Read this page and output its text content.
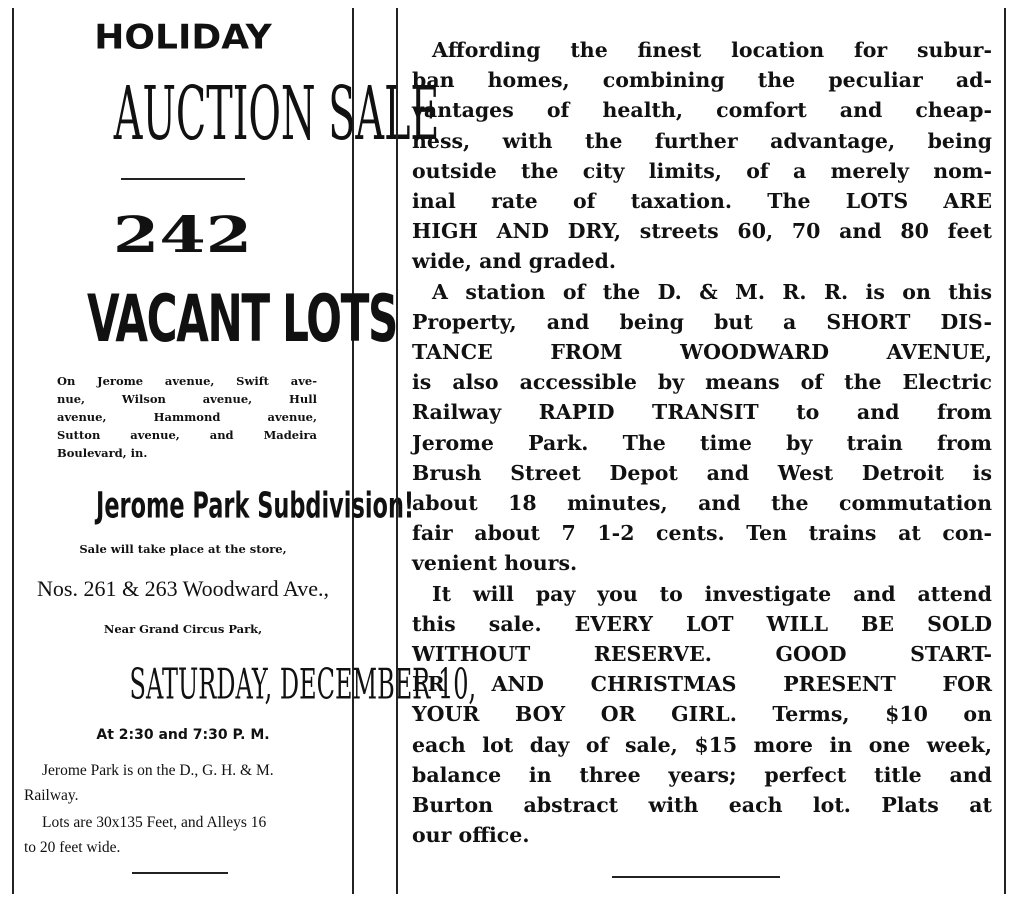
HOLIDAY
AUCTION SALE
242
VACANT LOTS
On Jerome avenue, Swift ave-
nue, Wilson avenue, Hull
avenue, Hammond avenue,
Sutton avenue, and Madeira
Boulevard, in.
Jerome Park Subdivision!
Sale will take place at the store,
Nos. 261 & 263 Woodward Ave.,
Near Grand Circus Park,
SATURDAY, DECEMBER 10,
At 2:30 and 7:30 P. M.
Jerome Park is on the D., G. H. & M.
Railway.
Lots are 30x135 Feet, and Alleys 16
to 20 feet wide.
Affording the finest location for subur-
ban homes, combining the peculiar ad-
vantages of health, comfort and cheap-
ness, with the further advantage, being
outside the city limits, of a merely nom-
inal rate of taxation. The LOTS ARE
HIGH AND DRY, streets 60, 70 and 80 feet
wide, and graded.
A station of the D. & M. R. R. is on this
Property, and being but a SHORT DIS-
TANCE FROM WOODWARD AVENUE,
is also accessible by means of the Electric
Railway RAPID TRANSIT to and from
Jerome Park. The time by train from
Brush Street Depot and West Detroit is
about 18 minutes, and the commutation
fair about 7 1-2 cents. Ten trains at con-
venient hours.
It will pay you to investigate and attend
this sale. EVERY LOT WILL BE SOLD
WITHOUT RESERVE. GOOD START-
ER AND CHRISTMAS PRESENT FOR
YOUR BOY OR GIRL. Terms, $10 on
each lot day of sale, $15 more in one week,
balance in three years; perfect title and
Burton abstract with each lot. Plats at
our office.
